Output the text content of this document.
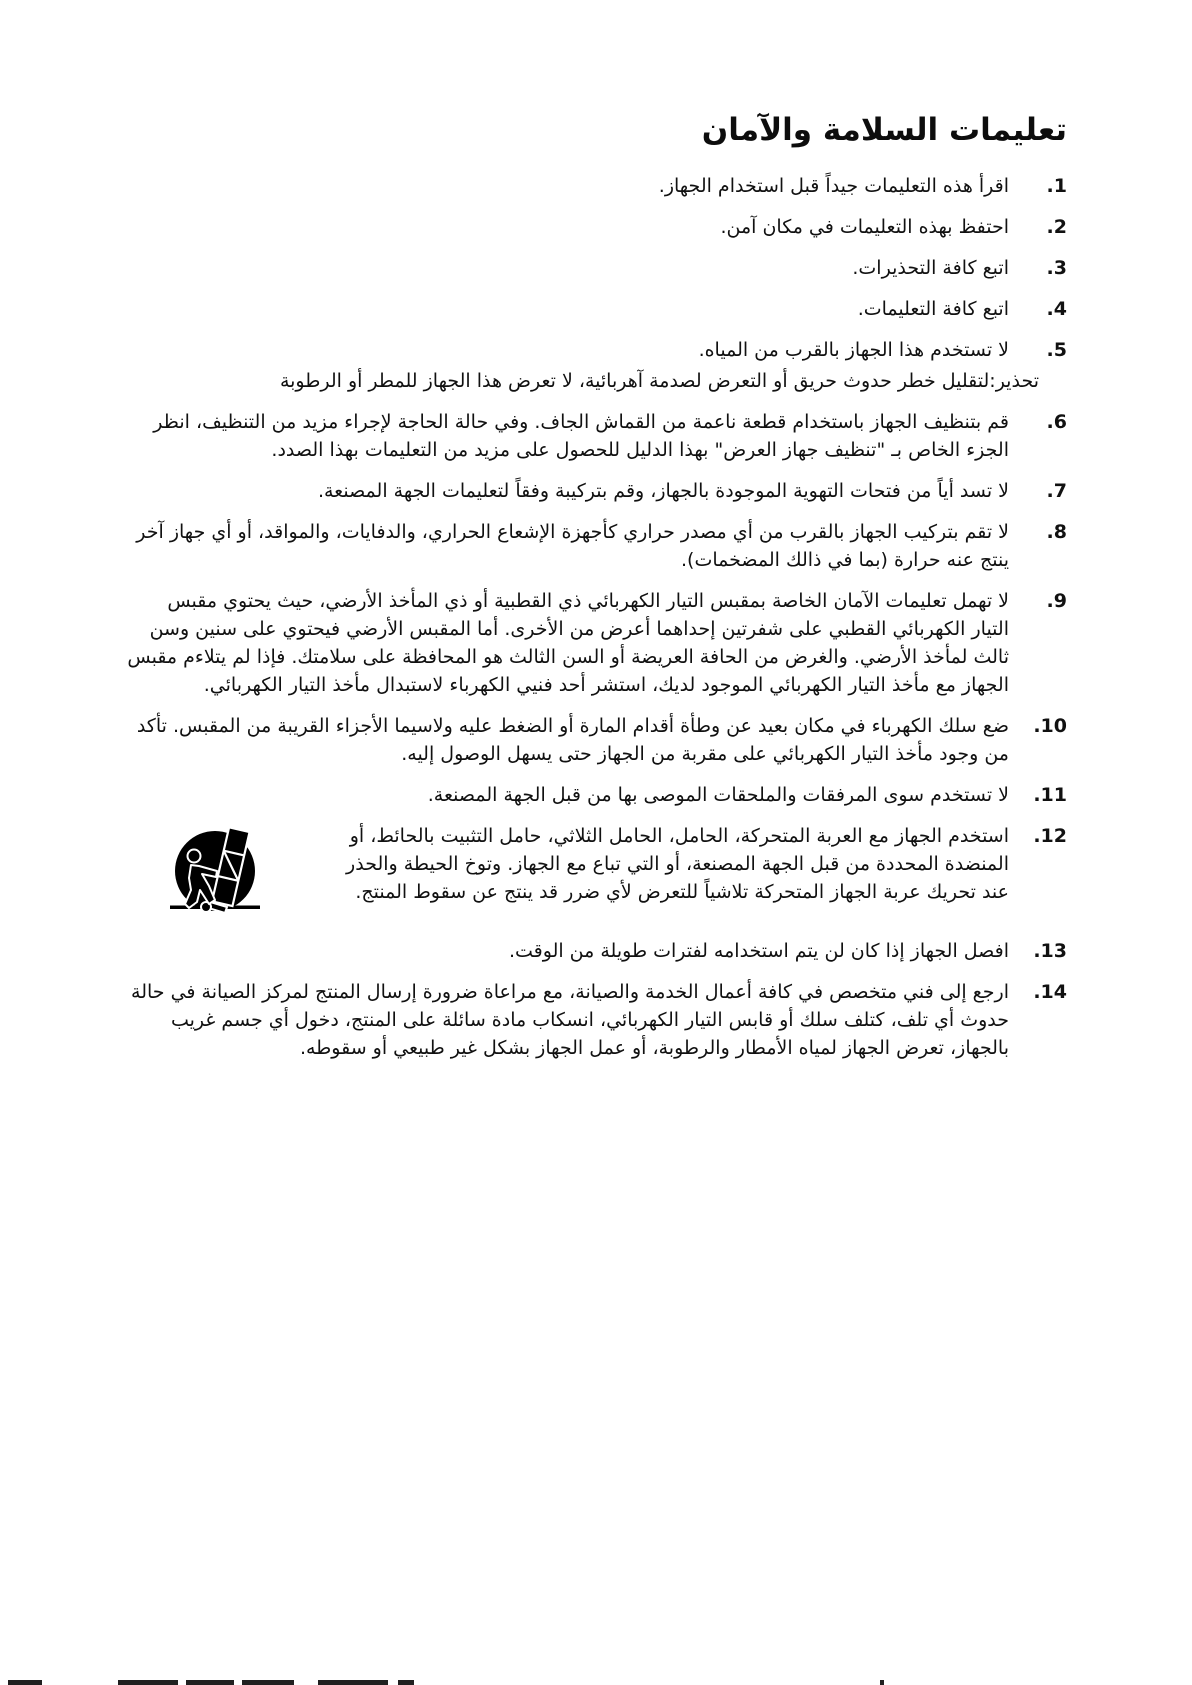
تعليمات السلامة والآمان
1.
اقرأ هذه التعليمات جيداً قبل استخدام الجهاز.
2.
احتفظ بهذه التعليمات في مكان آمن.
3.
اتبع كافة التحذيرات.
4.
اتبع كافة التعليمات.
5.
لا تستخدم هذا الجهاز بالقرب من المياه.
تحذير:لتقليل خطر حدوث حريق أو التعرض لصدمة آهربائية، لا تعرض هذا الجهاز للمطر أو الرطوبة
6.
قم بتنظيف الجهاز باستخدام قطعة ناعمة من القماش الجاف. وفي حالة الحاجة لإجراء مزيد من التنظيف، انظر الجزء الخاص بـ "تنظيف جهاز العرض" بهذا الدليل للحصول على مزيد من التعليمات بهذا الصدد.
7.
لا تسد أياً من فتحات التهوية الموجودة بالجهاز، وقم بتركيبة وفقاً لتعليمات الجهة المصنعة.
8.
لا تقم بتركيب الجهاز بالقرب من أي مصدر حراري كأجهزة الإشعاع الحراري، والدفايات، والمواقد، أو أي جهاز آخر ينتج عنه حرارة (بما في ذالك المضخمات).
9.
لا تهمل تعليمات الآمان الخاصة بمقبس التيار الكهربائي ذي القطبية أو ذي المأخذ الأرضي، حيث يحتوي مقبس التيار الكهربائي القطبي على شفرتين إحداهما أعرض من الأخرى. أما المقبس الأرضي فيحتوي على سنين وسن ثالث لمأخذ الأرضي. والغرض من الحافة العريضة أو السن الثالث هو المحافظة على سلامتك. فإذا لم يتلاءم مقبس الجهاز مع مأخذ التيار الكهربائي الموجود لديك، استشر أحد فنيي الكهرباء لاستبدال مأخذ التيار الكهربائي.
10.
ضع سلك الكهرباء في مكان بعيد عن وطأة أقدام المارة أو الضغط عليه ولاسيما الأجزاء القريبة من المقبس. تأكد من وجود مأخذ التيار الكهربائي على مقربة من الجهاز حتى يسهل الوصول إليه.
11.
لا تستخدم سوى المرفقات والملحقات الموصى بها من قبل الجهة المصنعة.
12.
استخدم الجهاز مع العربة المتحركة، الحامل، الحامل الثلاثي، حامل التثبيت بالحائط، أو المنضدة المحددة من قبل الجهة المصنعة، أو التي تباع مع الجهاز. وتوخ الحيطة والحذر عند تحريك عربة الجهاز المتحركة تلاشياً للتعرض لأي ضرر قد ينتج عن سقوط المنتج.
13.
افصل الجهاز إذا كان لن يتم استخدامه لفترات طويلة من الوقت.
14.
ارجع إلى فني متخصص في كافة أعمال الخدمة والصيانة، مع مراعاة ضرورة إرسال المنتج لمركز الصيانة في حالة حدوث أي تلف، كتلف سلك أو قابس التيار الكهربائي، انسكاب مادة سائلة على المنتج، دخول أي جسم غريب بالجهاز، تعرض الجهاز لمياه الأمطار والرطوبة، أو عمل الجهاز بشكل غير طبيعي أو سقوطه.
